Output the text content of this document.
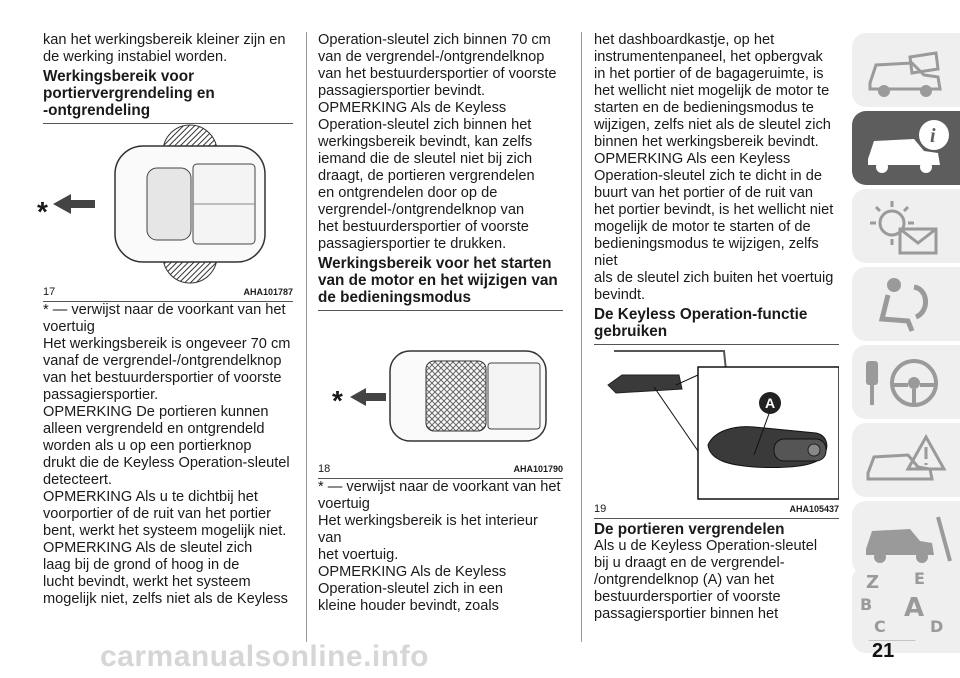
kan het werkingsbereik kleiner zijn en
de werking instabiel worden.

Werkingsbereik voor
portiervergrendeling en
-ontgrendeling
*
17	AHA101787

* — verwijst naar de voorkant van het
voertuig

Het werkingsbereik is ongeveer 70 cm
vanaf de vergrendel-/ontgrendelknop
van het bestuurdersportier of voorste
passagiersportier.

OPMERKING De portieren kunnen
alleen vergrendeld en ontgrendeld
worden als u op een portierknop
drukt die de Keyless Operation-sleutel
detecteert.

OPMERKING Als u te dichtbij het
voorportier of de ruit van het portier
bent, werkt het systeem mogelijk niet.

OPMERKING Als de sleutel zich
laag bij de grond of hoog in de
lucht bevindt, werkt het systeem
mogelijk niet, zelfs niet als de Keyless

Operation-sleutel zich binnen 70 cm
van de vergrendel-/ontgrendelknop
van het bestuurdersportier of voorste
passagiersportier bevindt.

OPMERKING Als de Keyless
Operation-sleutel zich binnen het
werkingsbereik bevindt, kan zelfs
iemand die de sleutel niet bij zich
draagt, de portieren vergrendelen
en ontgrendelen door op de
vergrendel-/ontgrendelknop van
het bestuurdersportier of voorste
passagiersportier te drukken.

Werkingsbereik voor het starten
van de motor en het wijzigen van
de bedieningsmodus
*
18	AHA101790

* — verwijst naar de voorkant van het
voertuig

Het werkingsbereik is het interieur van
het voertuig.

OPMERKING Als de Keyless
Operation-sleutel zich in een
kleine houder bevindt, zoals

het dashboardkastje, op het
instrumentenpaneel, het opbergvak
in het portier of de bagageruimte, is
het wellicht niet mogelijk de motor te
starten en de bedieningsmodus te
wijzigen, zelfs niet als de sleutel zich
binnen het werkingsbereik bevindt.

OPMERKING Als een Keyless
Operation-sleutel zich te dicht in de
buurt van het portier of de ruit van
het portier bevindt, is het wellicht niet
mogelijk de motor te starten of de
bedieningsmodus te wijzigen, zelfs niet
als de sleutel zich buiten het voertuig
bevindt.

De Keyless Operation-functie
gebruiken
A
19	AHA105437
De portieren vergrendelen

Als u de Keyless Operation-sleutel
bij u draagt en de vergrendel-
/ontgrendelknop (A) van het
bestuurdersportier of voorste
passagiersportier binnen het

i
Z E
B A
C	D
carmanualsonline.info	21
